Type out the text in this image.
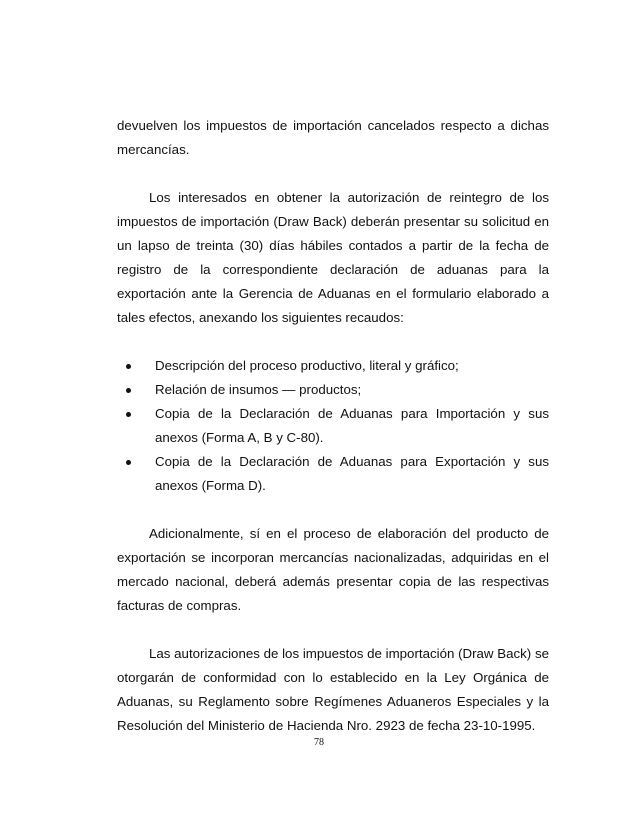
devuelven los impuestos de importación cancelados respecto a dichas mercancías.

Los interesados en obtener la autorización de reintegro de los impuestos de importación (Draw Back) deberán presentar su solicitud en un lapso de treinta (30) días hábiles contados a partir de la fecha de registro de la correspondiente declaración de aduanas para la exportación ante la Gerencia de Aduanas en el formulario elaborado a tales efectos, anexando los siguientes recaudos:

Descripción del proceso productivo, literal y gráfico;
Relación de insumos — productos;
Copia de la Declaración de Aduanas para Importación y sus anexos (Forma A, B y C-80).
Copia de la Declaración de Aduanas para Exportación y sus anexos (Forma D).

Adicionalmente, sí en el proceso de elaboración del producto de exportación se incorporan mercancías nacionalizadas, adquiridas en el mercado nacional, deberá además presentar copia de las respectivas facturas de compras.

Las autorizaciones de los impuestos de importación (Draw Back) se otorgarán de conformidad con lo establecido en la Ley Orgánica de Aduanas, su Reglamento sobre Regímenes Aduaneros Especiales y la Resolución del Ministerio de Hacienda Nro. 2923 de fecha 23-10-1995.

78
